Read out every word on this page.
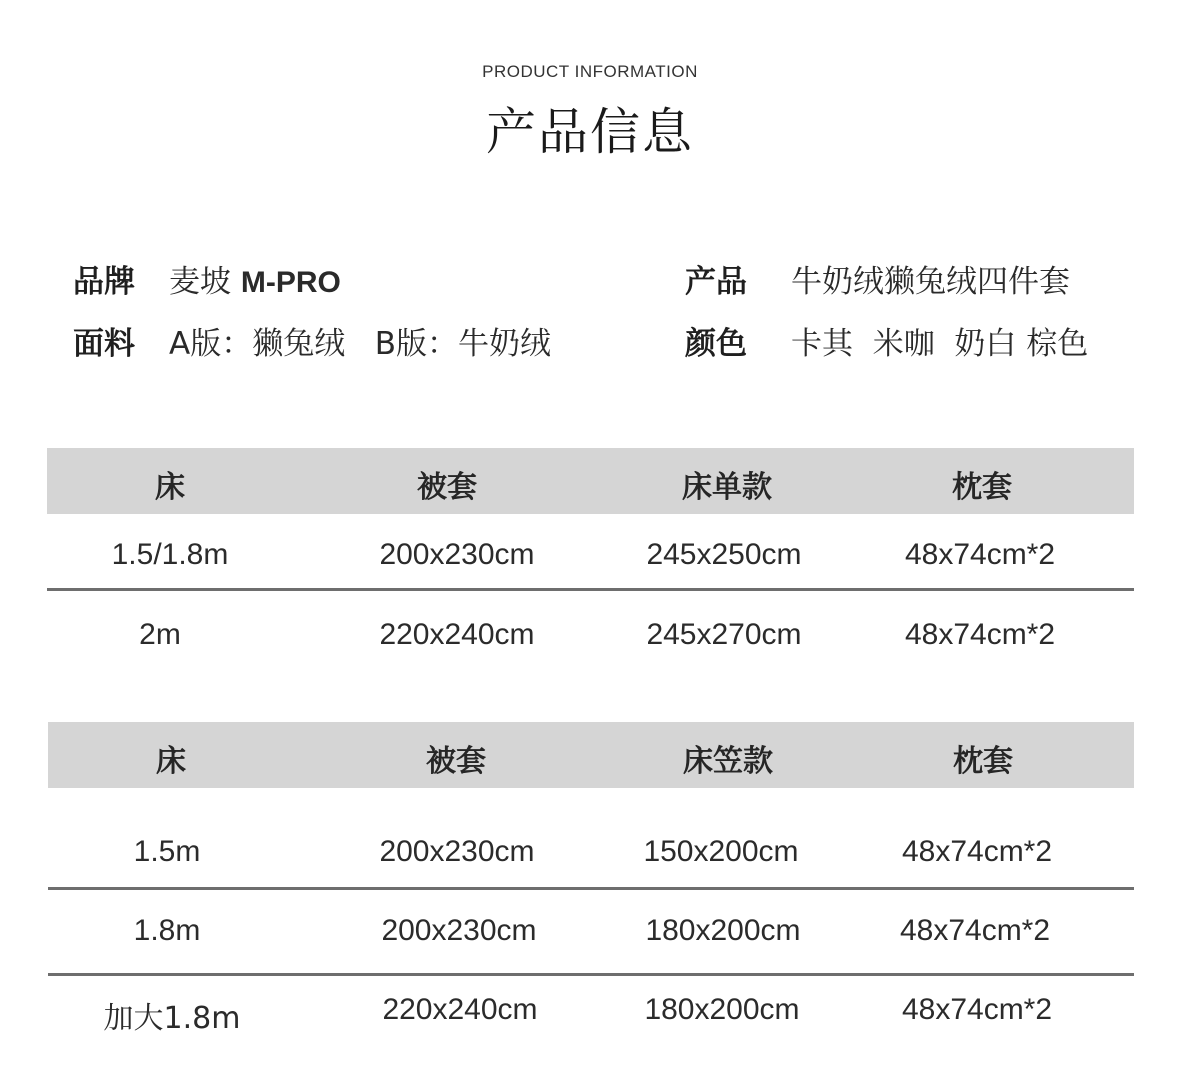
PRODUCT INFORMATION
产品信息
品牌	麦坡 M-PRO	产品	牛奶绒獭兔绒四件套
面料	A版：獭兔绒   B版：牛奶绒	颜色	卡其  米咖  奶白 棕色
床	被套	床单款	枕套
1.5/1.8m	200x230cm	245x250cm	48x74cm*2
2m	220x240cm	245x270cm	48x74cm*2
床	被套	床笠款	枕套
1.5m	200x230cm	150x200cm	48x74cm*2
1.8m	200x230cm	180x200cm	48x74cm*2
加大1.8m	220x240cm	180x200cm	48x74cm*2
